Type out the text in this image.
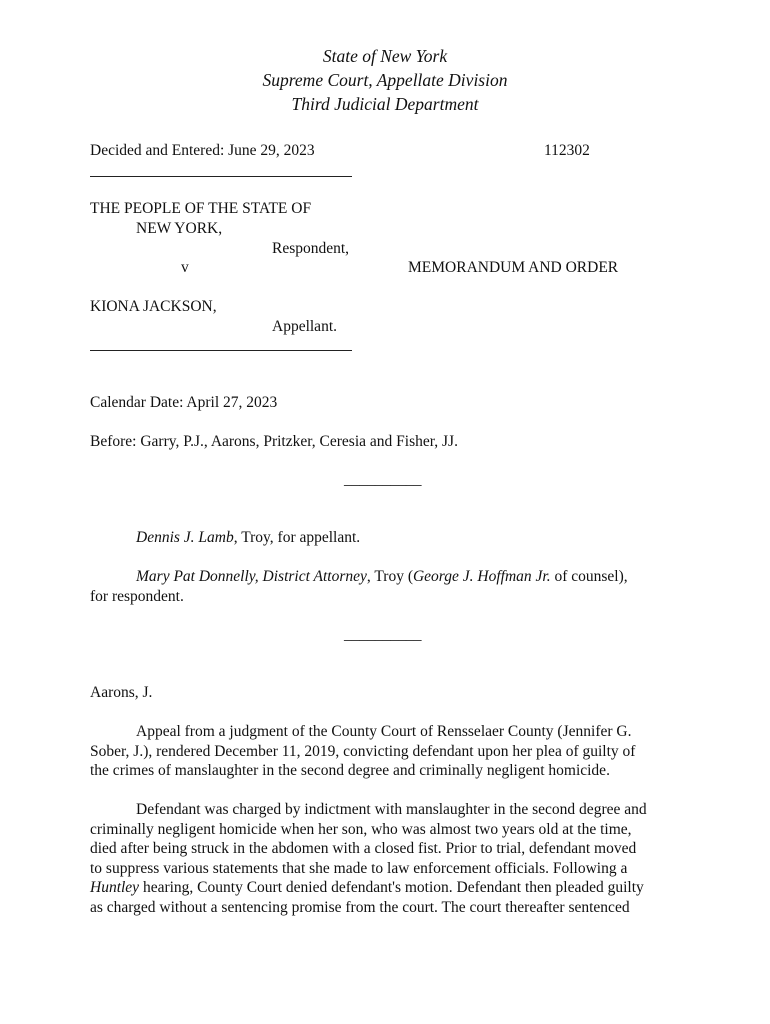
State of New York
Supreme Court, Appellate Division
Third Judicial Department
Decided and Entered: June 29, 2023	112302
THE PEOPLE OF THE STATE OF
NEW YORK,
Respondent,
v	MEMORANDUM AND ORDER
KIONA JACKSON,
Appellant.
Calendar Date: April 27, 2023
Before: Garry, P.J., Aarons, Pritzker, Ceresia and Fisher, JJ.
__________
Dennis J. Lamb, Troy, for appellant.
Mary Pat Donnelly, District Attorney, Troy (George J. Hoffman Jr. of counsel),
for respondent.
__________
Aarons, J.
Appeal from a judgment of the County Court of Rensselaer County (Jennifer G.
Sober, J.), rendered December 11, 2019, convicting defendant upon her plea of guilty of
the crimes of manslaughter in the second degree and criminally negligent homicide.
Defendant was charged by indictment with manslaughter in the second degree and
criminally negligent homicide when her son, who was almost two years old at the time,
died after being struck in the abdomen with a closed fist. Prior to trial, defendant moved
to suppress various statements that she made to law enforcement officials. Following a
Huntley hearing, County Court denied defendant's motion. Defendant then pleaded guilty
as charged without a sentencing promise from the court. The court thereafter sentenced
